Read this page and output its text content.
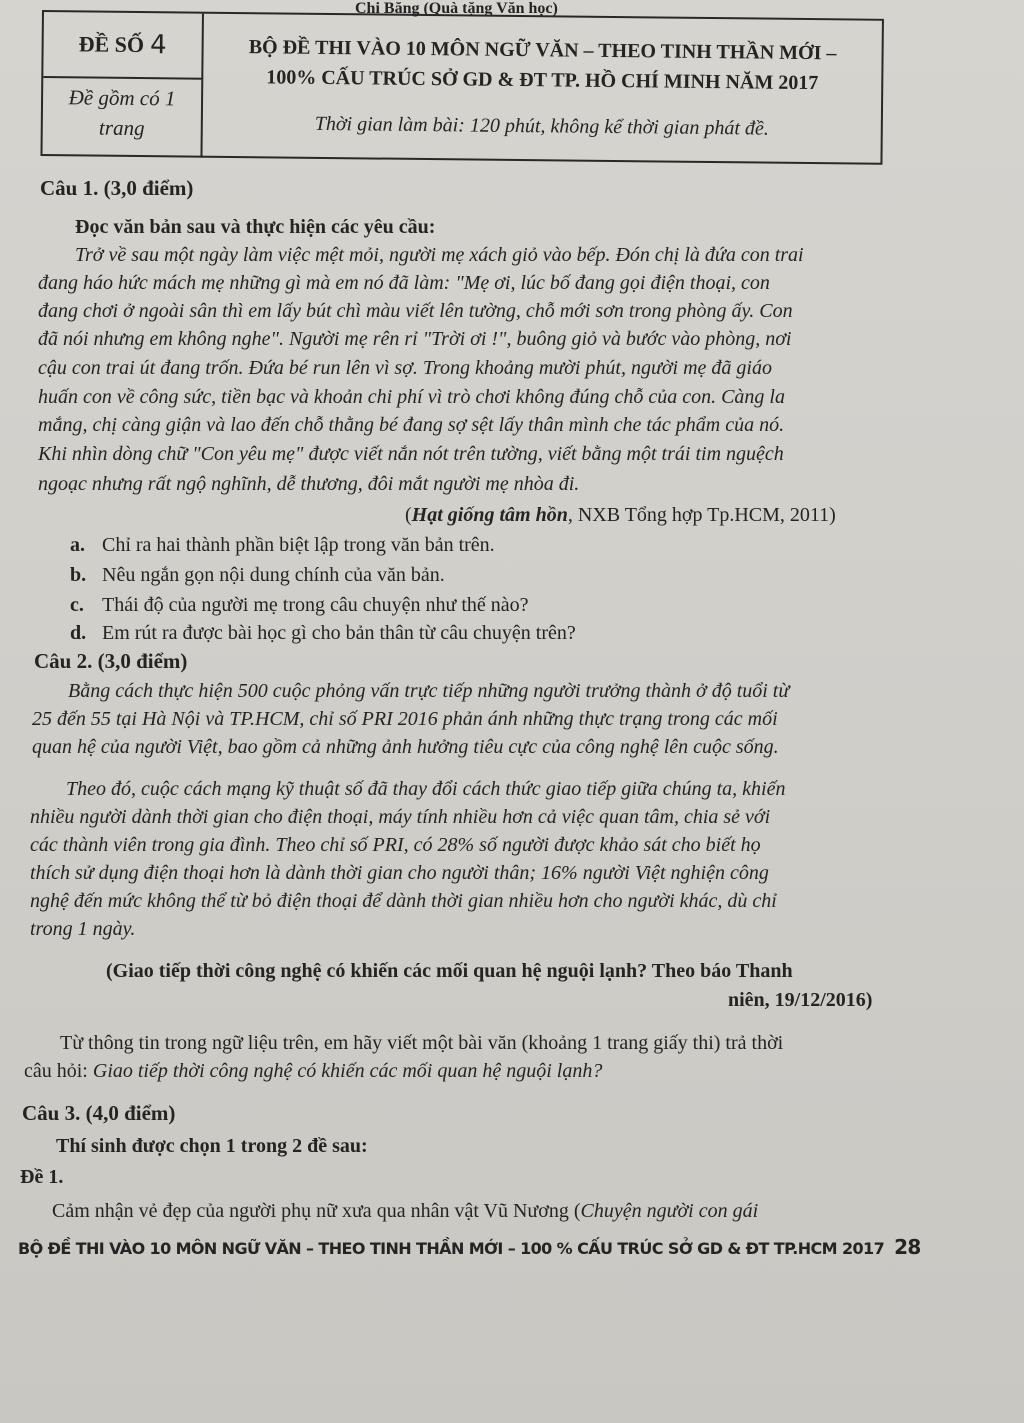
Chi Băng (Quà tặng Văn học)
ĐỀ SỐ 4
Đề gồm có 1
trang
BỘ ĐỀ THI VÀO 10 MÔN NGỮ VĂN – THEO TINH THẦN MỚI –
100% CẤU TRÚC SỞ GD & ĐT TP. HỒ CHÍ MINH NĂM 2017
Thời gian làm bài: 120 phút, không kể thời gian phát đề.
Câu 1. (3,0 điểm)
Đọc văn bản sau và thực hiện các yêu cầu:
Trở về sau một ngày làm việc mệt mỏi, người mẹ xách giỏ vào bếp. Đón chị là đứa con trai
đang háo hức mách mẹ những gì mà em nó đã làm: "Mẹ ơi, lúc bố đang gọi điện thoại, con
đang chơi ở ngoài sân thì em lấy bút chì màu viết lên tường, chỗ mới sơn trong phòng ấy. Con
đã nói nhưng em không nghe". Người mẹ rên rỉ "Trời ơi !", buông giỏ và bước vào phòng, nơi
cậu con trai út đang trốn. Đứa bé run lên vì sợ. Trong khoảng mười phút, người mẹ đã giáo
huấn con về công sức, tiền bạc và khoản chi phí vì trò chơi không đúng chỗ của con. Càng la
mắng, chị càng giận và lao đến chỗ thằng bé đang sợ sệt lấy thân mình che tác phẩm của nó.
Khi nhìn dòng chữ "Con yêu mẹ" được viết nắn nót trên tường, viết bằng một trái tim nguệch
ngoạc nhưng rất ngộ nghĩnh, dễ thương, đôi mắt người mẹ nhòa đi.
(Hạt giống tâm hồn, NXB Tổng hợp Tp.HCM, 2011)
a. Chỉ ra hai thành phần biệt lập trong văn bản trên.
b. Nêu ngắn gọn nội dung chính của văn bản.
c. Thái độ của người mẹ trong câu chuyện như thế nào?
d. Em rút ra được bài học gì cho bản thân từ câu chuyện trên?
Câu 2. (3,0 điểm)
Bằng cách thực hiện 500 cuộc phỏng vấn trực tiếp những người trưởng thành ở độ tuổi từ
25 đến 55 tại Hà Nội và TP.HCM, chỉ số PRI 2016 phản ánh những thực trạng trong các mối
quan hệ của người Việt, bao gồm cả những ảnh hưởng tiêu cực của công nghệ lên cuộc sống.
Theo đó, cuộc cách mạng kỹ thuật số đã thay đổi cách thức giao tiếp giữa chúng ta, khiến
nhiều người dành thời gian cho điện thoại, máy tính nhiều hơn cả việc quan tâm, chia sẻ với
các thành viên trong gia đình. Theo chỉ số PRI, có 28% số người được khảo sát cho biết họ
thích sử dụng điện thoại hơn là dành thời gian cho người thân; 16% người Việt nghiện công
nghệ đến mức không thể từ bỏ điện thoại để dành thời gian nhiều hơn cho người khác, dù chỉ
trong 1 ngày.
(Giao tiếp thời công nghệ có khiến các mối quan hệ nguội lạnh? Theo báo Thanh
niên, 19/12/2016)
Từ thông tin trong ngữ liệu trên, em hãy viết một bài văn (khoảng 1 trang giấy thi) trả thời
câu hỏi: Giao tiếp thời công nghệ có khiến các mối quan hệ nguội lạnh?
Câu 3. (4,0 điểm)
Thí sinh được chọn 1 trong 2 đề sau:
Đề 1.
Cảm nhận vẻ đẹp của người phụ nữ xưa qua nhân vật Vũ Nương (Chuyện người con gái
BỘ ĐỀ THI VÀO 10 MÔN NGỮ VĂN – THEO TINH THẦN MỚI – 100 % CẤU TRÚC SỞ GD & ĐT TP.HCM 2017 28
